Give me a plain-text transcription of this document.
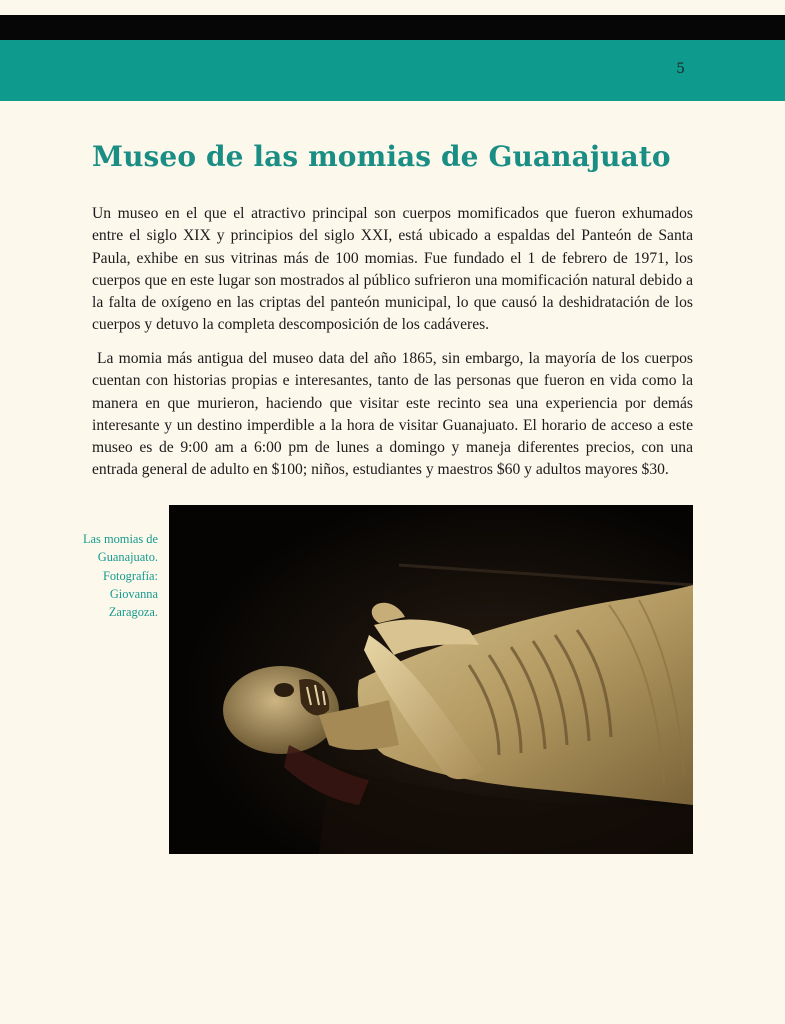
5
Museo de las momias de Guanajuato

Un museo en el que el atractivo principal son cuerpos momificados que fueron exhumados entre el siglo XIX y principios del siglo XXI, está ubicado a espaldas del Panteón de Santa Paula, exhibe en sus vitrinas más de 100 momias. Fue fundado el 1 de febrero de 1971, los cuerpos que en este lugar son mostrados al público sufrieron una momificación natural debido a la falta de oxígeno en las criptas del panteón municipal, lo que causó la deshidratación de los cuerpos y detuvo la completa descomposición de los cadáveres.

La momia más antigua del museo data del año 1865, sin embargo, la mayoría de los cuerpos cuentan con historias propias e interesantes, tanto de las personas que fueron en vida como la manera en que murieron, haciendo que visitar este recinto sea una experiencia por demás interesante y un destino imperdible a la hora de visitar Guanajuato. El horario de acceso a este museo es de 9:00 am a 6:00 pm de lunes a domingo y maneja diferentes precios, con una entrada general de adulto en $100; niños, estudiantes y maestros $60 y adultos mayores $30.

Las momias de Guanajuato. Fotografía: Giovanna Zaragoza.
